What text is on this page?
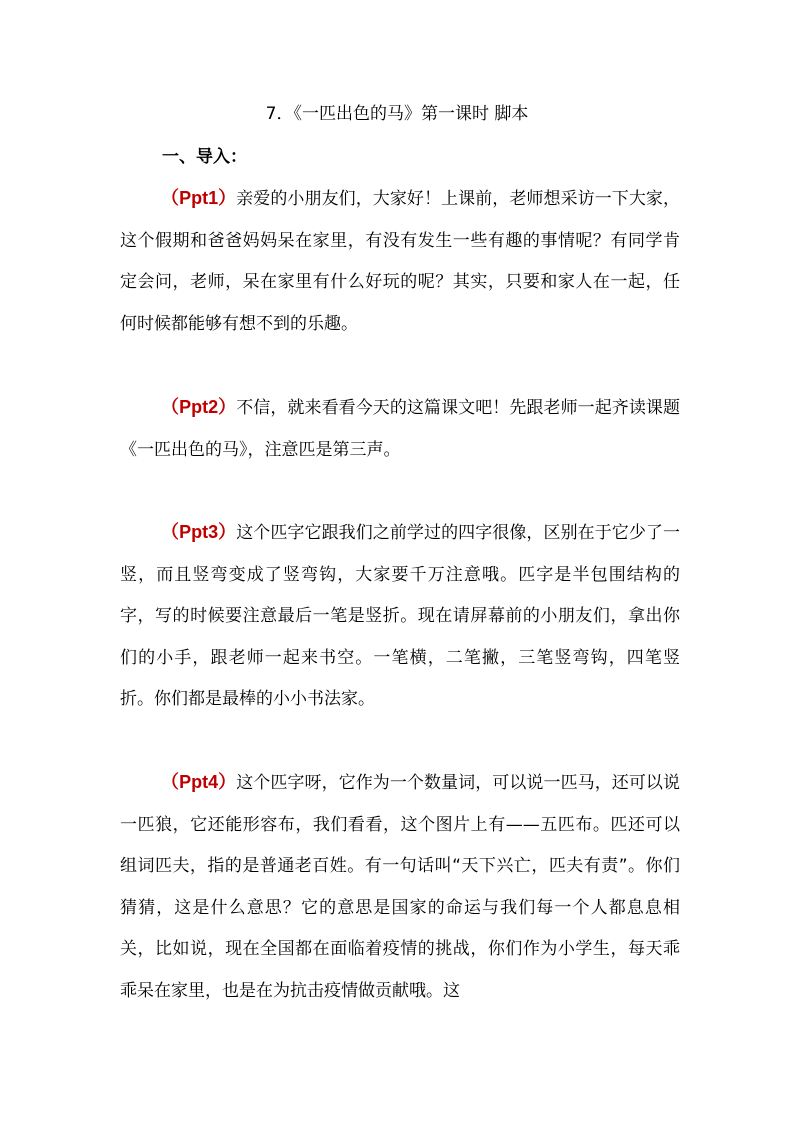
7．《一匹出色的马》第一课时 脚本
一、导入：

（Ppt1）亲爱的小朋友们，大家好！上课前，老师想采访一下大家，这个假期和爸爸妈妈呆在家里，有没有发生一些有趣的事情呢？有同学肯定会问，老师，呆在家里有什么好玩的呢？其实，只要和家人在一起，任何时候都能够有想不到的乐趣。

（Ppt2）不信，就来看看今天的这篇课文吧！先跟老师一起齐读课题《一匹出色的马》，注意匹是第三声。

（Ppt3）这个匹字它跟我们之前学过的四字很像，区别在于它少了一竖，而且竖弯变成了竖弯钩，大家要千万注意哦。匹字是半包围结构的字，写的时候要注意最后一笔是竖折。现在请屏幕前的小朋友们，拿出你们的小手，跟老师一起来书空。一笔横，二笔撇，三笔竖弯钩，四笔竖折。你们都是最棒的小小书法家。

（Ppt4）这个匹字呀，它作为一个数量词，可以说一匹马，还可以说一匹狼，它还能形容布，我们看看，这个图片上有——五匹布。匹还可以组词匹夫，指的是普通老百姓。有一句话叫“天下兴亡，匹夫有责”。你们猜猜，这是什么意思？它的意思是国家的命运与我们每一个人都息息相关，比如说，现在全国都在面临着疫情的挑战，你们作为小学生，每天乖乖呆在家里，也是在为抗击疫情做贡献哦。这
